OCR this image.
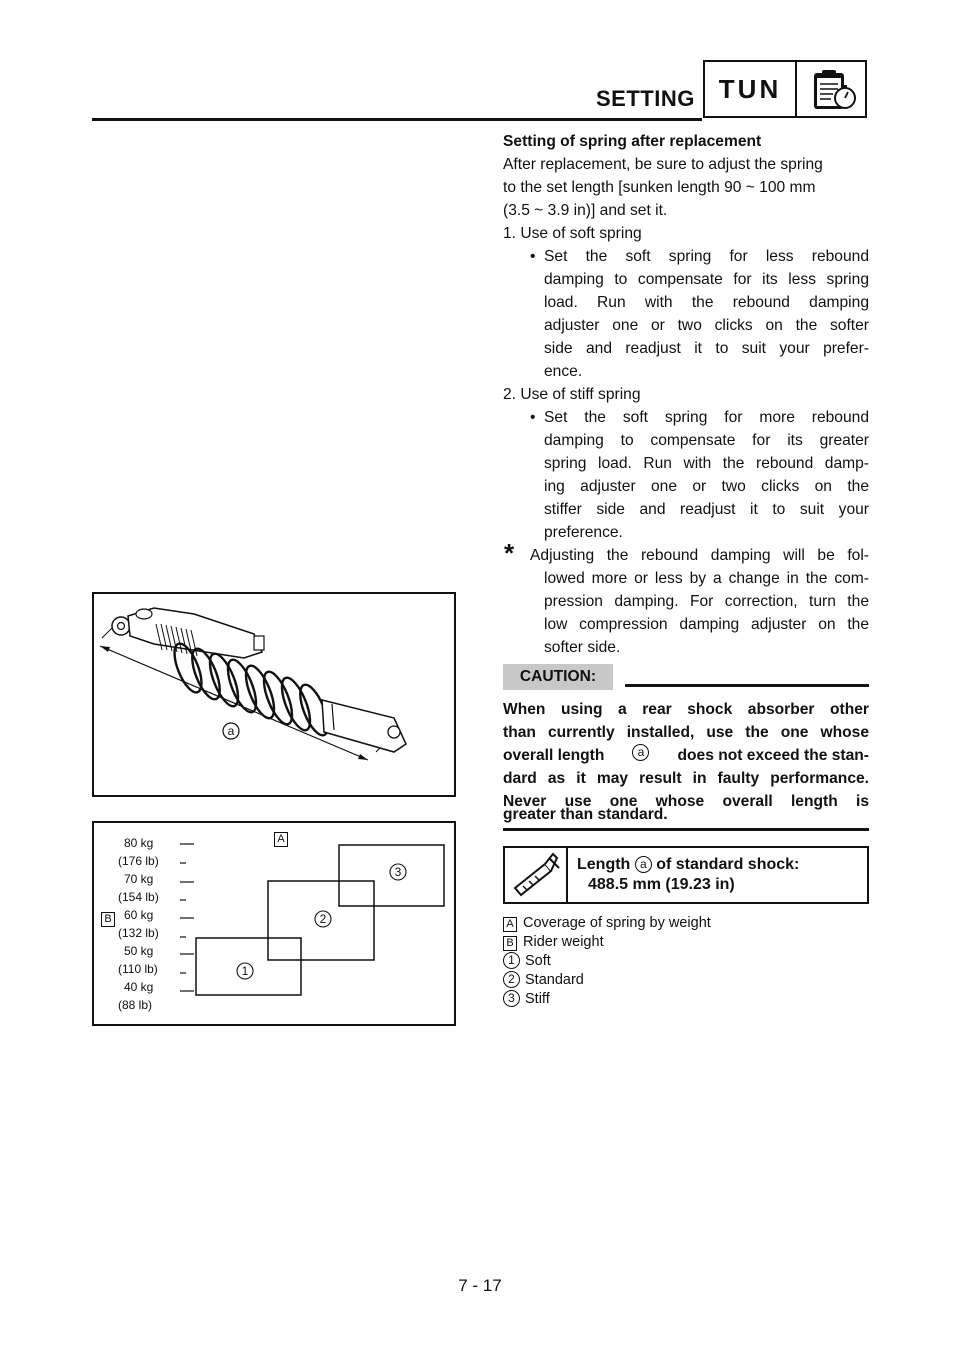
SETTING TUN
Setting of spring after replacement
After replacement, be sure to adjust the spring
to the set length [sunken length 90 ~ 100 mm
(3.5 ~ 3.9 in)] and set it.
1. Use of soft spring
• Set the soft spring for less rebound
damping to compensate for its less spring
load. Run with the rebound damping
adjuster one or two clicks on the softer
side and readjust it to suit your prefer-
ence.
2. Use of stiff spring
• Set the soft spring for more rebound
damping to compensate for its greater
spring load. Run with the rebound damp-
ing adjuster one or two clicks on the
stiffer side and readjust it to suit your
preference.
* Adjusting the rebound damping will be fol-
lowed more or less by a change in the com-
pression damping. For correction, turn the
low compression damping adjuster on the
softer side.
CAUTION:
When using a rear shock absorber other
than currently installed, use the one whose
overall length	a	does not exceed the stan-
dard as it may result in faulty performance.
Never use one whose overall length is
greater than standard.
Length a of standard shock:
488.5 mm (19.23 in)
A Coverage of spring by weight
B Rider weight
1 Soft
2 Standard
3 Stiff
a
80 kg
(176 lb)
70 kg
(154 lb)
60 kg
(132 lb)
50 kg
(110 lb)
40 kg
(88 lb)
B
A
1
2
3
7 - 17
